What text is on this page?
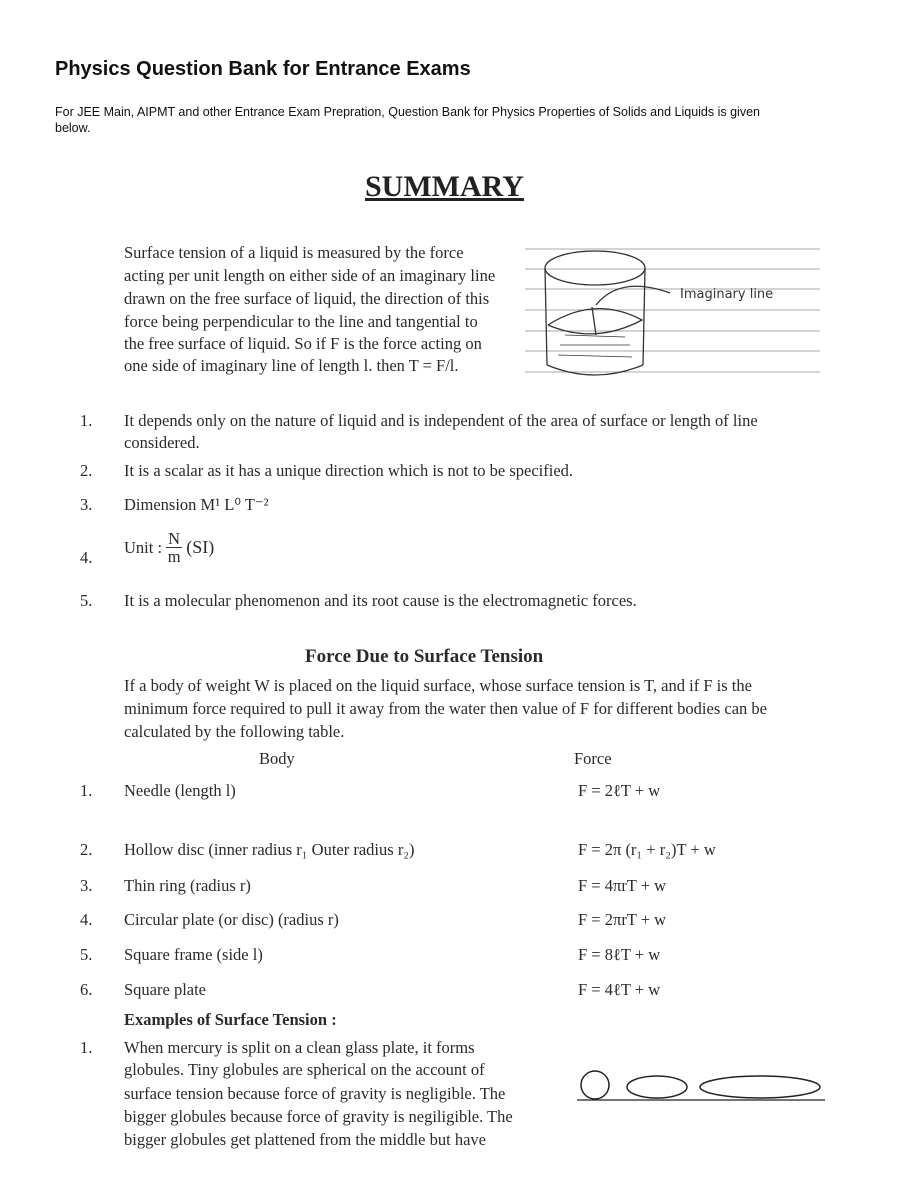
Physics Question Bank for Entrance Exams
For JEE Main, AIPMT and other Entrance Exam Prepration, Question Bank for Physics Properties of Solids and Liquids is given
below.
SUMMARY
Surface tension of a liquid is measured by the force
acting per unit length on either side of an imaginary line
drawn on the free surface of liquid, the direction of this
force being perpendicular to the line and tangential to
the free surface of liquid. So if F is the force acting on
one side of imaginary line of length l. then T = F/l.
Imaginary line
1. It depends only on the nature of liquid and is independent of the area of surface or length of line
considered.
2. It is a scalar as it has a unique direction which is not to be specified.
3. Dimension M¹ L⁰ T⁻²
4.
Unit : $\frac{N}{m} (SI)$
5. It is a molecular phenomenon and its root cause is the electromagnetic forces.
Force Due to Surface Tension
If a body of weight W is placed on the liquid surface, whose surface tension is T, and if F is the
minimum force required to pull it away from the water then value of F for different bodies can be
calculated by the following table.
Body	Force
1. Needle (length l)	F = 2ℓT + w
2. Hollow disc (inner radius r₁ Outer radius r₂)	F = 2π (r₁ + r₂)T + w
3. Thin ring (radius r)	F = 4πrT + w
4. Circular plate (or disc) (radius r)	F = 2πrT + w
5. Square frame (side l)	F = 8ℓT + w
6. Square plate	F = 4ℓT + w
Examples of Surface Tension :
1. When mercury is split on a clean glass plate, it forms
globules. Tiny globules are spherical on the account of
surface tension because force of gravity is negligible. The
bigger globules because force of gravity is negiligible. The
bigger globules get plattened from the middle but have
